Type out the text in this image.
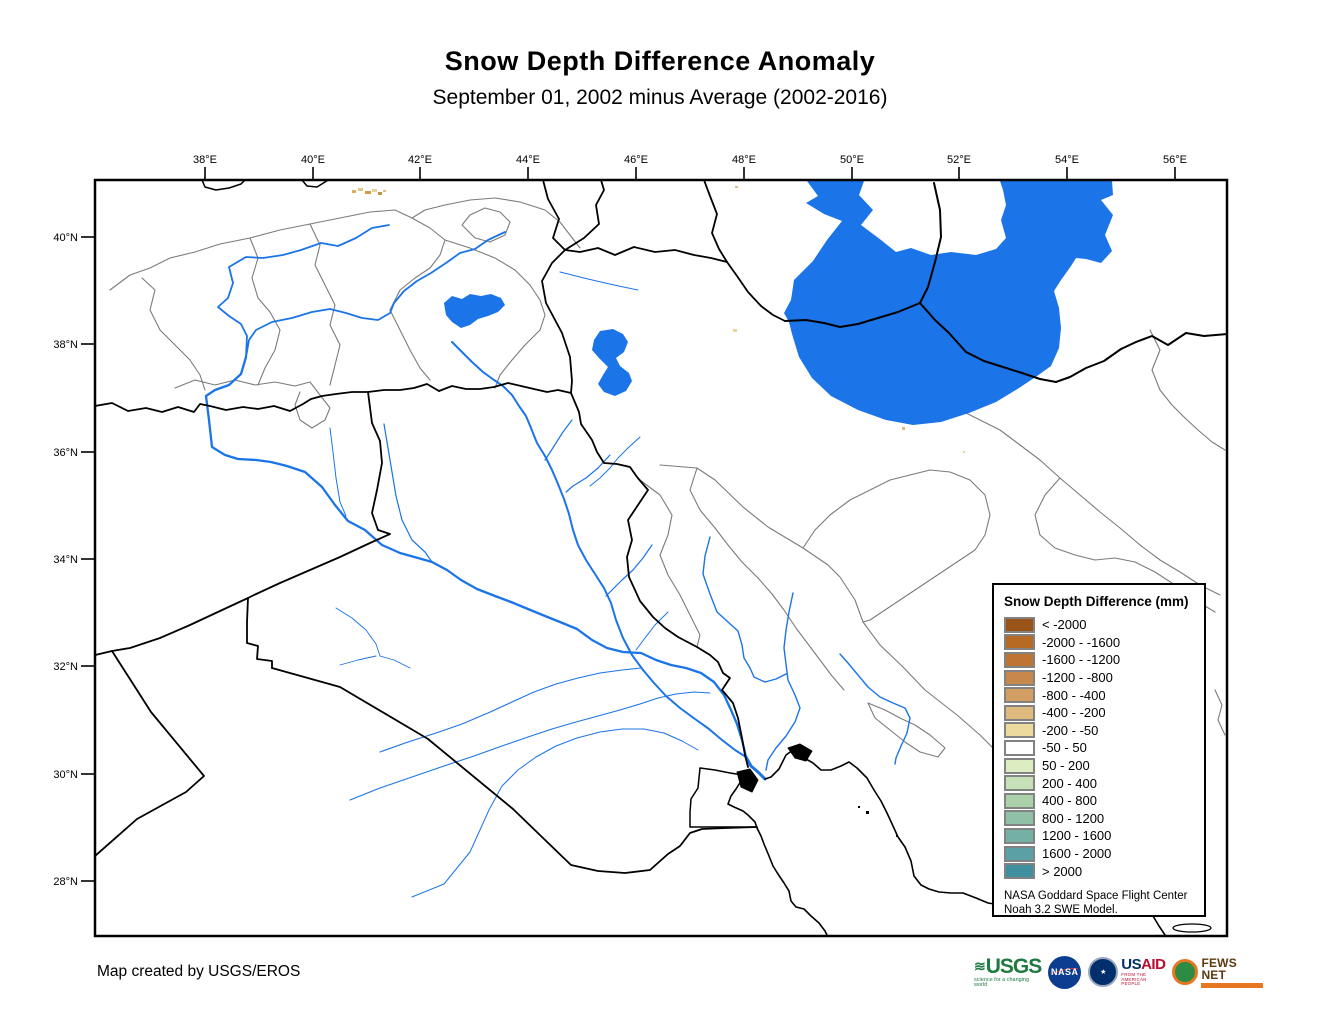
Snow Depth Difference Anomaly
September 01, 2002 minus Average (2002-2016)
38°E	40°E	42°E	44°E	46°E	48°E	50°E	52°E	54°E	56°E
40°N
38°N
36°N
34°N
32°N
30°N
28°N
Snow Depth Difference (mm)
< -2000
-2000 - -1600
-1600 - -1200
-1200 - -800
-800 - -400
-400 - -200
-200 - -50
-50 - 50
50 - 200
200 - 400
400 - 800
800 - 1200
1200 - 1600
1600 - 2000
> 2000
NASA Goddard Space Flight Center
Noah 3.2 SWE Model.
Map created by USGS/EROS	≋ USGS
science for a changing world
NASA	★ USAID
FROM THE AMERICAN PEOPLE
FEWS NET
